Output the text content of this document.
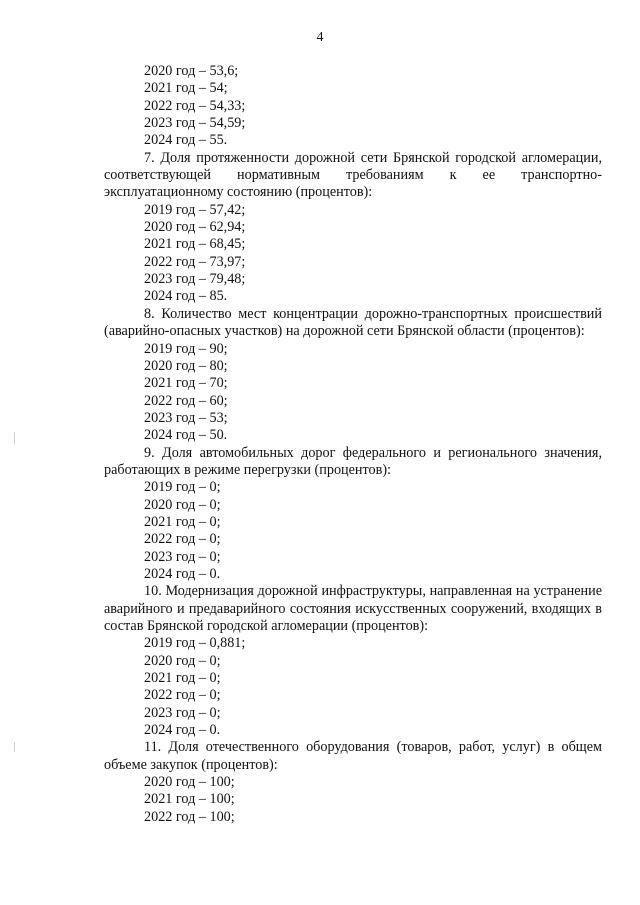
4
2020 год – 53,6;
2021 год – 54;
2022 год – 54,33;
2023 год – 54,59;
2024 год – 55.
7. Доля протяженности дорожной сети Брянской городской агломерации, соответствующей нормативным требованиям к ее транспортно-эксплуатационному состоянию (процентов):
2019 год – 57,42;
2020 год – 62,94;
2021 год – 68,45;
2022 год – 73,97;
2023 год – 79,48;
2024 год – 85.
8. Количество мест концентрации дорожно-транспортных происшествий (аварийно-опасных участков) на дорожной сети Брянской области (процентов):
2019 год – 90;
2020 год – 80;
2021 год – 70;
2022 год – 60;
2023 год – 53;
2024 год – 50.
9. Доля автомобильных дорог федерального и регионального значения, работающих в режиме перегрузки (процентов):
2019 год – 0;
2020 год – 0;
2021 год – 0;
2022 год – 0;
2023 год – 0;
2024 год – 0.
10. Модернизация дорожной инфраструктуры, направленная на устранение аварийного и предаварийного состояния искусственных сооружений, входящих в состав Брянской городской агломерации (процентов):
2019 год – 0,881;
2020 год – 0;
2021 год – 0;
2022 год – 0;
2023 год – 0;
2024 год – 0.
11. Доля отечественного оборудования (товаров, работ, услуг) в общем объеме закупок (процентов):
2020 год – 100;
2021 год – 100;
2022 год – 100;
